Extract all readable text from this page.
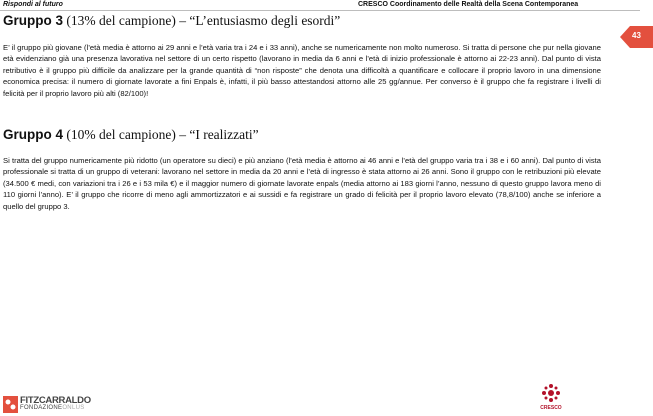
Rispondi al futuro	CRESCO Coordinamento delle Realtà della Scena Contemporanea
43
Gruppo 3 (13% del campione) – “L’entusiasmo degli esordi”

E’ il gruppo più giovane (l’età media è attorno ai 29 anni e l’età varia tra i 24 e i 33 anni), anche se numericamente non molto numeroso. Si tratta di persone che pur nella giovane età evidenziano già una presenza lavorativa nel settore di un certo rispetto (lavorano in media da 6 anni e l’età di inizio professionale è attorno ai 22-23 anni). Dal punto di vista retributivo è il gruppo più difficile da analizzare per la grande quantità di “non risposte” che denota una difficoltà a quantificare e collocare il proprio lavoro in una dimensione economica precisa: il numero di giornate lavorate a fini Enpals è, infatti, il più basso attestandosi attorno alle 25 gg/annue. Per converso è il gruppo che fa registrare i livelli di felicità per il proprio lavoro più alti (82/100)!

Gruppo 4 (10% del campione) – “I realizzati”

Si tratta del gruppo numericamente più ridotto (un operatore su dieci) e più anziano (l’età media è attorno ai 46 anni e l’età del gruppo varia tra i 38 e i 60 anni). Dal punto di vista professionale si tratta di un gruppo di veterani: lavorano nel settore in media da 20 anni e l’età di ingresso è stata attorno ai 26 anni. Sono il gruppo con le retribuzioni più elevate (34.500 € medi, con variazioni tra i 26 e i 53 mila €) e il maggior numero di giornate lavorate enpals (media attorno ai 183 giorni l’anno, nessuno di questo gruppo lavora meno di 110 giorni l’anno). E’ il gruppo che ricorre di meno agli ammortizzatori e ai sussidi e fa registrare un grado di felicità per il proprio lavoro elevato (78,8/100) anche se inferiore a quello del gruppo 3.

FITZCARRALDO
FONDAZIONEONLUS	CRESCO
